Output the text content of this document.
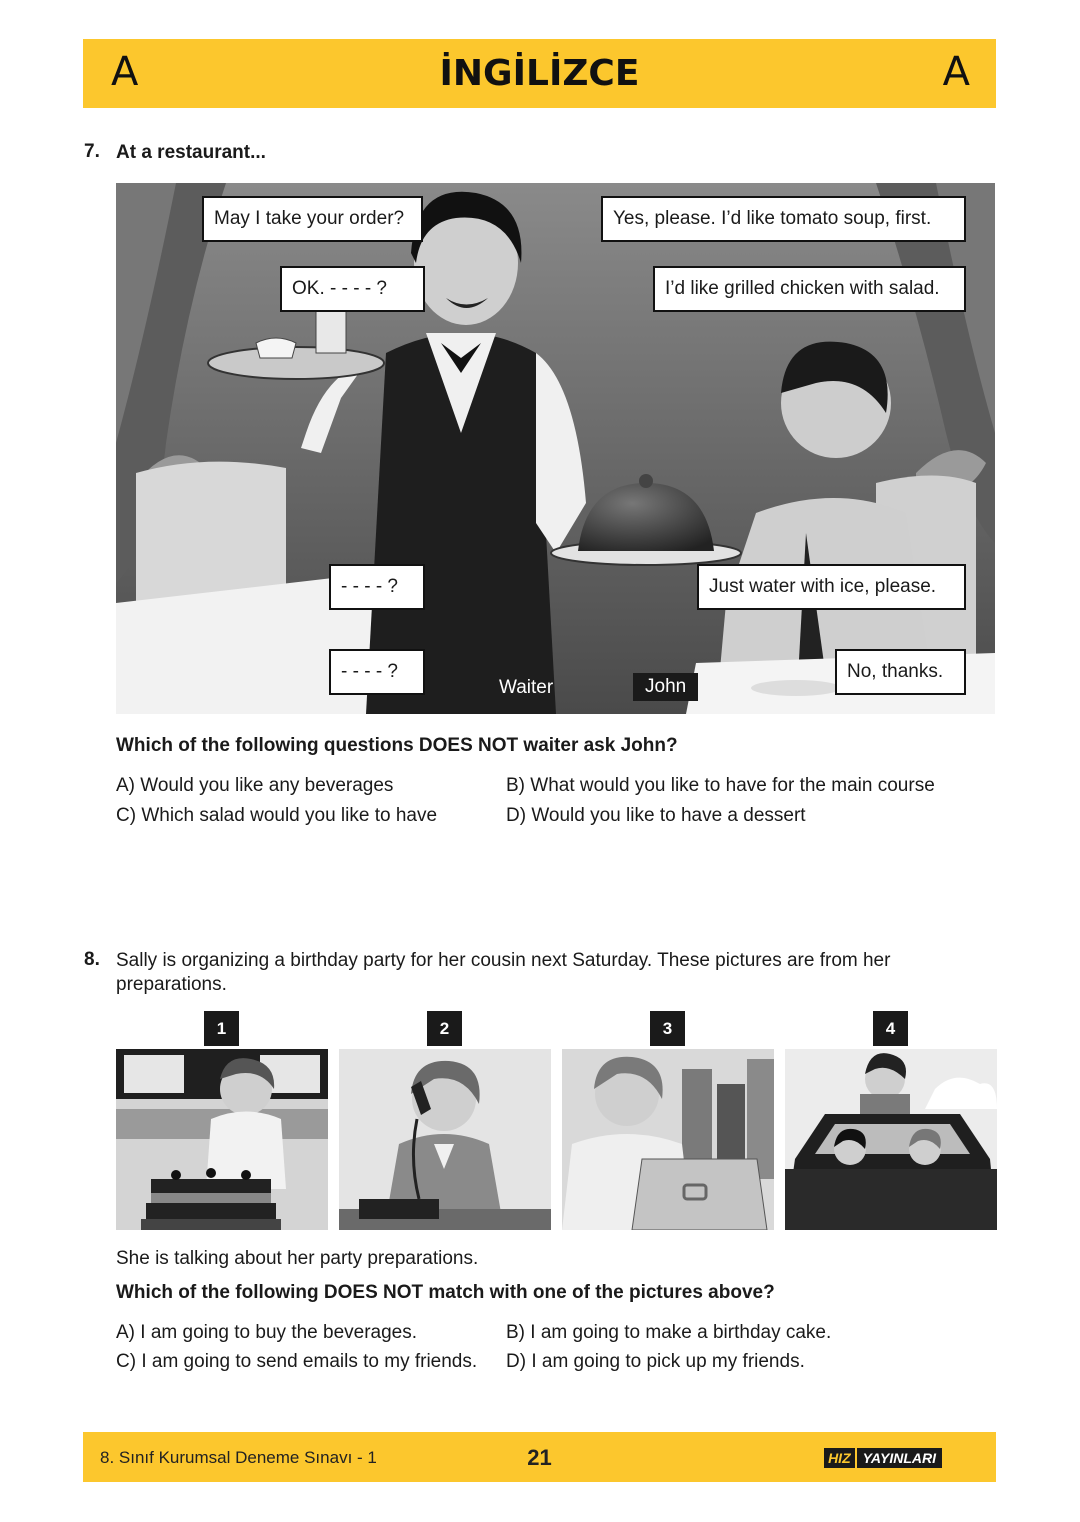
A	İNGİLİZCE	A
7. At a restaurant...
May I take your order?
OK. - - - - ?
Yes, please. I’d like tomato soup, first.
I’d like grilled chicken with salad.
- - - - ?	Just water with ice, please.
- - - - ?	No, thanks.
Waiter	John
Which of the following questions DOES NOT waiter ask John?
A) Would you like any beverages	B) What would you like to have for the main course
C) Which salad would you like to have	D) Would you like to have a dessert
8. Sally is organizing a birthday party for her cousin next Saturday. These pictures are from her preparations.
1	2	3	4
She is talking about her party preparations.
Which of the following DOES NOT match with one of the pictures above?
A) I am going to buy the beverages.	B) I am going to make a birthday cake.
C) I am going to send emails to my friends. D) I am going to pick up my friends.
8. Sınıf Kurumsal Deneme Sınavı - 1	21	HIZ YAYINLARI
